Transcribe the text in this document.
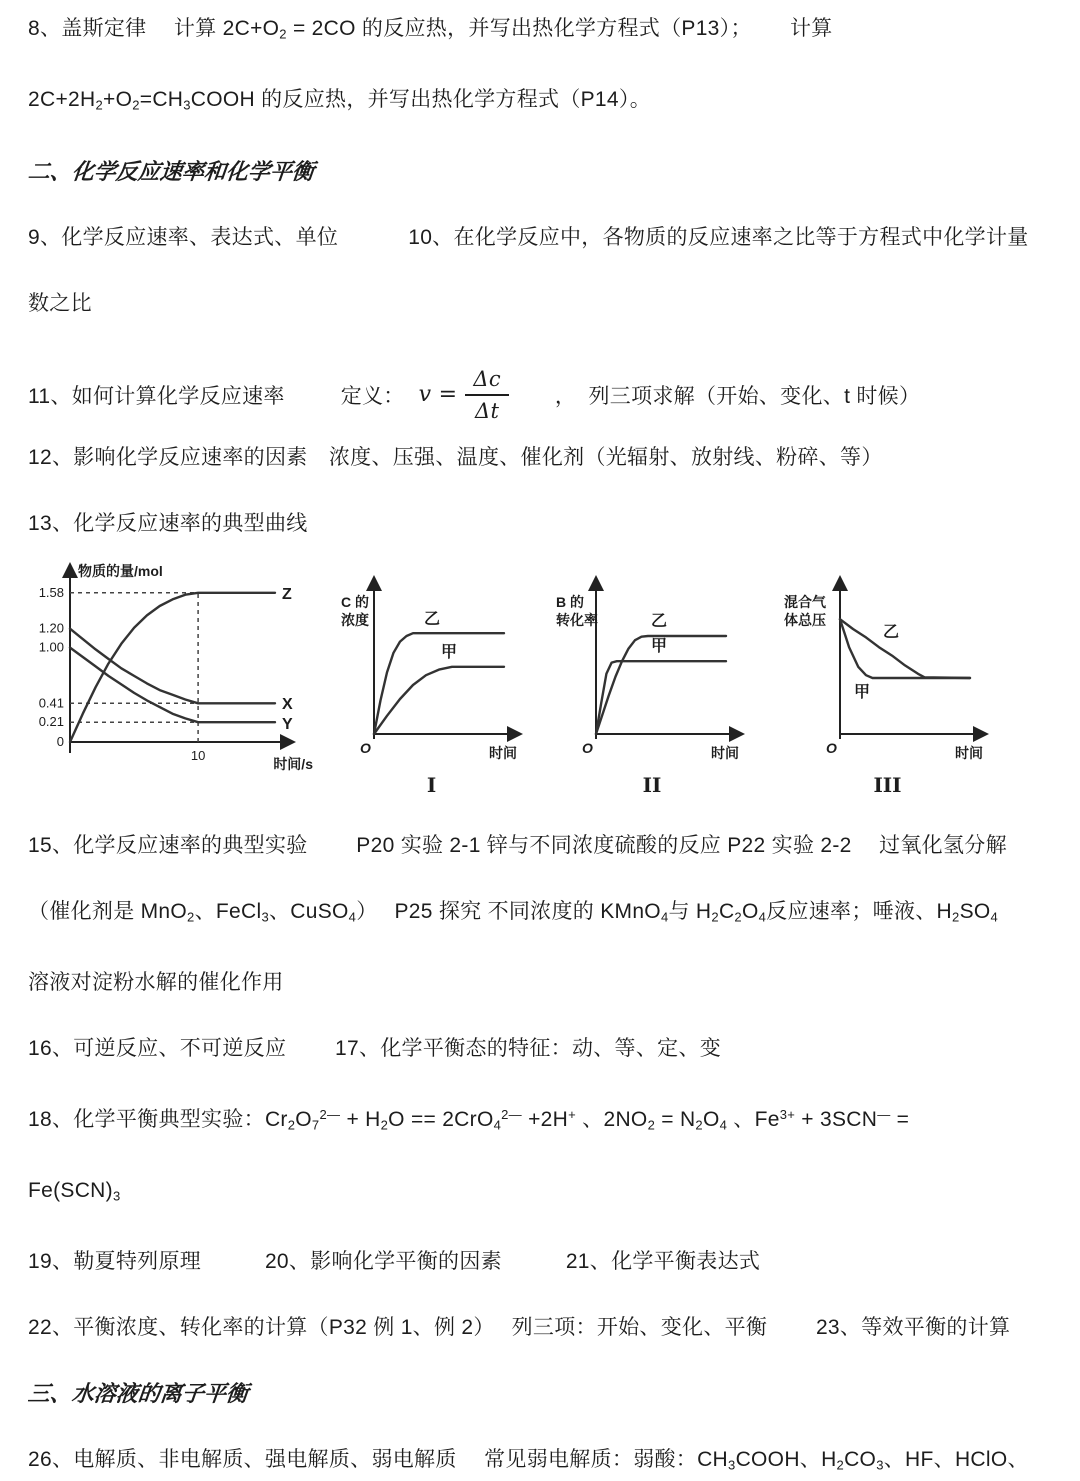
8、盖斯定律　 计算 $2C+O_2 = 2CO$ 的反应热，并写出热化学方程式（P13）；　　 计算
$2C+2H_2+O_2=CH_3COOH$ 的反应热，并写出热化学方程式（P14）。
二、化学反应速率和化学平衡
9、化学反应速率、表达式、单位　　　 10、在化学反应中，各物质的反应速率之比等于方程式中化学计量
数之比
11、如何计算化学反应速率	定义： $v = \frac{\Delta c}{\Delta t}$ ，  列三项求解（开始、变化、t 时候）
12、影响化学反应速率的因素　浓度、压强、温度、催化剂（光辐射、放射线、粉碎、等）
13、化学反应速率的典型曲线
物质的量/mol
时间/s
1.58
1.20
1.00
0.41
0.21
0
10
Z
X
Y
C 的
浓度
O	时间
乙
甲
I
B 的
转化率
O	时间
乙
甲
II
混合气
体总压
O	时间
乙
甲
III
15、化学反应速率的典型实验　　 P20 实验 2-1 锌与不同浓度硫酸的反应 P22 实验 2-2　 过氧化氢分解
（催化剂是 MnO$_2$、FeCl$_3$、CuSO$_4$）　 P25 探究 不同浓度的 KMnO$_4$与 $H_2C_2O_4$反应速率；唾液、$H_2SO_4$
溶液对淀粉水解的催化作用
16、可逆反应、不可逆反应　　 17、化学平衡态的特征：动、等、定、变
18、化学平衡典型实验：$Cr_2O_7^{2—} + H_2O == 2CrO_4^{2—} +2H^+$ 、$2NO_2 = N_2O_4$ 、$Fe^{3+} + 3SCN^—$ =
$Fe(SCN)_3$
19、勒夏特列原理　　　20、影响化学平衡的因素　　　21、化学平衡表达式
22、平衡浓度、转化率的计算（P32 例 1、例 2）　 列三项：开始、变化、平衡　　 23、等效平衡的计算
三、水溶液的离子平衡
26、电解质、非电解质、强电解质、弱电解质　 常见弱电解质：弱酸：$CH_3COOH$、$H_2CO_3$、HF、HClO、
